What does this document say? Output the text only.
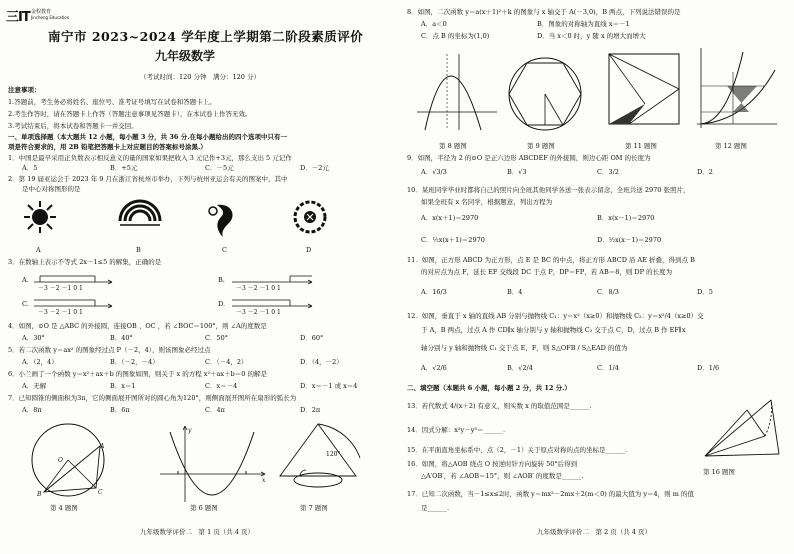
三IT 金程教育
Jincheng Education
南宁市 2023~2024 学年度上学期第二阶段素质评价
九年级数学
（考试时间：120 分钟　满分：120 分）
注意事项：
1.答题前，考生务必将姓名、座位号、准考证号填写在试卷和答题卡上。
2.考生作答时，请在答题卡上作答（答题注意事项见答题卡），在本试卷上作答无效。
3.考试结束后，将本试卷和答题卡一并交回。
一、单项选择题（本大题共 12 小题，每小题 3 分，共 36 分.在每小题给出的四个选项中只有一
项是符合要求的，用 2B 铅笔把答题卡上对应题目的答案标号涂黑.）
1．中国是最早采用正负数表示相反意义的量的国家如果把收入 3 元记作+3元，那么支出 5 元记作
A．5	B．+5元	C．－5元	D．－2元
2．第 19 届亚运会于 2023 年 9 月在浙江省杭州市举办，下列与杭州亚运会有关的图案中，其中
是中心对称图形的是
A	B	C	D
3．在数轴上表示不等式 2x－1≤5 的解集，正确的是
A.	B.
C.	D.
－3 －2 －1 0 1	－3 －2 －1 0 1
－3 －2 －1 0 1	－3 －2 －1 0 1
4．如图，⊙O 是 △ABC 的外接圆，连接OB 、OC ，若 ∠BOC＝100°，则 ∠A的度数是
A．30°	B．40°	C．50°	D．60°
5．若二次函数 y＝ax² 的图象经过点 P（－2，4），则该图象必经过点
A．（2，4）	B．（－2，－4）	C．（－4，2）	D．（4，－2）
6．小兰画了一个函数 y＝x²＋ax＋b 的图象如图，则关于 x 的方程 x²＋ax＋b＝0 的解是
A．无解	B．x＝1	C．x＝－4	D．x＝－1 或 x＝4
7．已知圆锥的侧面积为3π，它的侧面展开图所对的圆心角为120°，则侧面展开图所在扇形的弧长为
A．8π	B．6π	C．4π	D．2π
A
O
B	C
x
y
120°
第 4 题图	第 6 题图	第 7 题图
九年级数学评价二　第 1 页（共 4 页）
8．如图，二次函数 y＝a(x＋1)²＋k 的图象与 x 轴交于 A(－3,0)，B 两点，下列说法错误的是
A．a＜0	B．图象的对称轴为直线 x＝－1
C．点 B 的坐标为(1,0)	D．当 x＜0 时，y 随 x 的增大而增大
第 8 题图	第 9 题图	第 11 题图	第 12 题图
9．如图，半径为 2 的⊙O 是正六边形 ABCDEF 的外接圆，则边心距 OM 的长度为
A．√3/3	B．√3	C．3/2	D．2
10．某班同学毕业时都将自己的照片向全班其他同学各送一张表示留念，全班共送 2970 张照片，
如果全班有 x 名同学，根据题意，列出方程为
A．x(x＋1)＝2970	B．x(x－1)＝2970
C．½x(x＋1)＝2970	D．½x(x－1)＝2970
11．如图，正方形 ABCD 为正方形，点 E 是 BC 的中点，将正方形 ABCD 沿 AE 折叠，得到点 B
的对应点为点 F，延长 EF 交线段 DC 于点 P，DP＝FP，若 AB＝8，则 DP 的长度为
A．16/3	B．4	C．8/3	D．5
12．如图，垂直于 x 轴的直线 AB 分别与抛物线 C₁：y＝x²（x≥0）和抛物线 C₂：y＝x²/4（x≥0）交
于 A，B 两点，过点 A 作 CD∥x 轴分别与 y 轴和抛物线 C₂ 交于点 C，D，过点 B 作 EF∥x
轴分别与 y 轴和抛物线 C₁ 交于点 E，F，则 S△OFB / S△EAD 的值为
A．√2/6	B．√2/4	C．1/4	D．1/6
二、填空题（本题共 6 小题，每小题 2 分，共 12 分.）
13．若代数式 4/(x＋2) 有意义，则实数 x 的取值范围是______.
14．因式分解：x²y－y³＝______.
15．在平面直角坐标系中，点（2，－1）关于原点对称的点的坐标是______.
16．如图，将△AOB 绕点 O 按逆时针方向旋转 50°后得到
△A′OB′，若 ∠AOB＝15°，则 ∠AOB′ 的度数是______.	第 16 题图
17．已知二次函数，当－1≤x≤2时，函数 y＝mx²－2mx＋2(m＜0) 的最大值为 y＝4，则 m 的值
是______.
九年级数学评价二　第 2 页（共 4 页）
